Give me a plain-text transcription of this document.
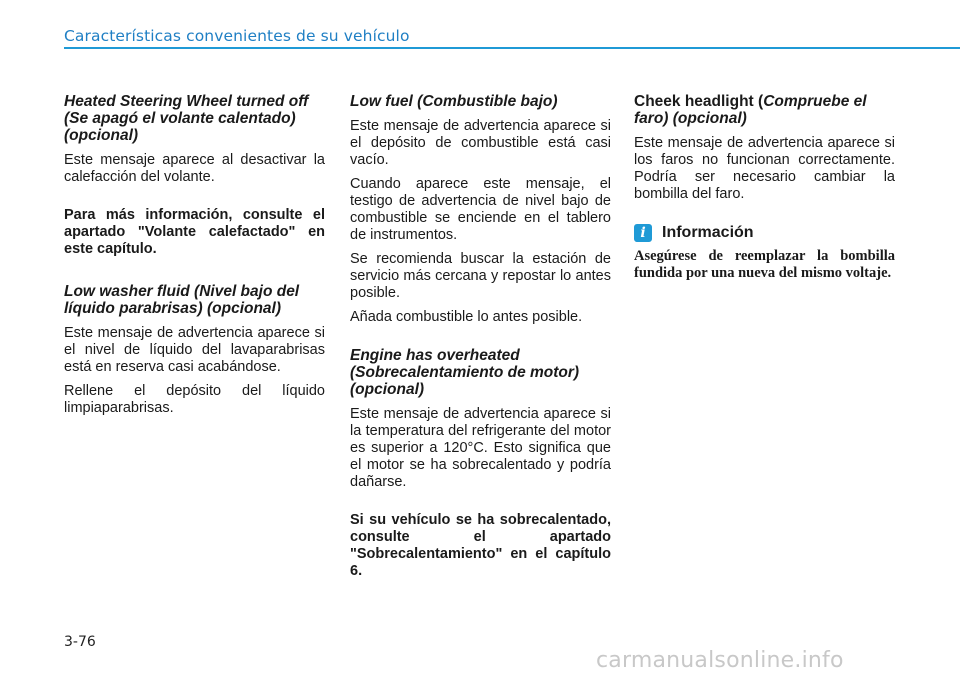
Características convenientes de su vehículo
Heated Steering Wheel turned off (Se apagó el volante calentado) (opcional)

Este mensaje aparece al desactivar la calefacción del volante.

Para más información, consulte el apartado "Volante calefactado" en este capítulo.

Low washer fluid (Nivel bajo del líquido parabrisas) (opcional)

Este mensaje de advertencia aparece si el nivel de líquido del lavaparabrisas está en reserva casi acabándose.

Rellene el depósito del líquido limpiaparabrisas.

Low fuel (Combustible bajo)

Este mensaje de advertencia aparece si el depósito de combustible está casi vacío.

Cuando aparece este mensaje, el testigo de advertencia de nivel bajo de combustible se enciende en el tablero de instrumentos.

Se recomienda buscar la estación de servicio más cercana y repostar lo antes posible.

Añada combustible lo antes posible.

Engine has overheated (Sobrecalentamiento de motor) (opcional)

Este mensaje de advertencia aparece si la temperatura del refrigerante del motor es superior a 120°C. Esto significa que el motor se ha sobrecalentado y podría dañarse.

Si su vehículo se ha sobrecalentado, consulte el apartado "Sobrecalentamiento" en el capítulo 6.

Cheek headlight (Compruebe el faro) (opcional)

Este mensaje de advertencia aparece si los faros no funcionan correctamente. Podría ser necesario cambiar la bombilla del faro.

i	Información

Asegúrese de reemplazar la bombilla fundida por una nueva del mismo voltaje.

3-76
carmanualsonline.info
